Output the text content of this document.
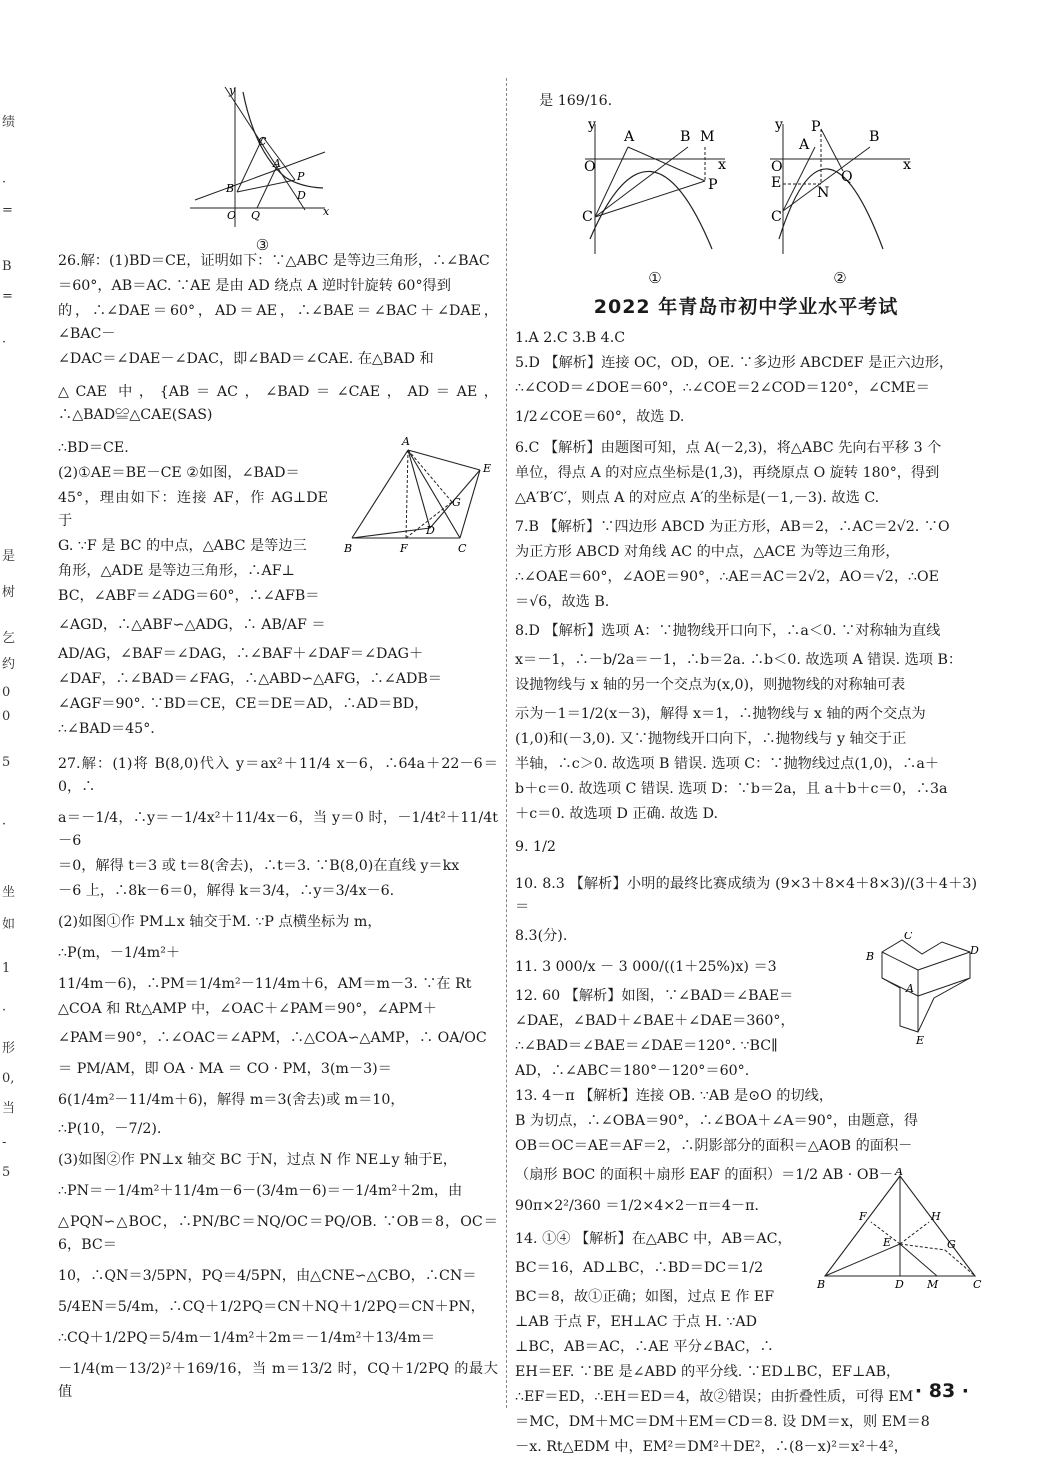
绩
·
=
B
=
·
是
树
乞
约
0
0
5
·
坐
如
1
·
形
0,
当
-
5
y
C
A
P
B
D
O Q	x
③

26.解：(1)BD＝CE，证明如下：∵△ABC 是等边三角形，∴∠BAC

＝60°，AB＝AC. ∵AE 是由 AD 绕点 A 逆时针旋转 60°得到

的，∴∠DAE＝60°，AD＝AE，∴∠BAE＝∠BAC＋∠DAE，∠BAC－

∠DAC＝∠DAE－∠DAC，即∠BAD＝∠CAE. 在△BAD 和

△CAE 中，{AB＝AC，∠BAD＝∠CAE，AD＝AE，∴△BAD≌△CAE(SAS)

∴BD＝CE.

(2)①AE＝BE－CE ②如图，∠BAD＝

45°，理由如下：连接 AF，作 AG⊥DE 于

G. ∵F 是 BC 的中点，△ABC 是等边三

角形，△ADE 是等边三角形，∴AF⊥

BC，∠ABF＝∠ADG＝60°，∴∠AFB＝

∠AGD，∴△ABF∽△ADG，∴ AB/AF ＝

AD/AG，∠BAF＝∠DAG，∴∠BAF＋∠DAF＝∠DAG＋

∠DAF，∴∠BAD＝∠FAG，∴△ABD∽△AFG，∴∠ADB＝

∠AGF＝90°. ∵BD＝CE，CE＝DE＝AD，∴AD＝BD，

∴∠BAD＝45°.

27.解：(1)将 B(8,0)代入 y＝ax²＋11/4 x－6，∴64a＋22－6＝0，∴

a＝－1/4，∴y＝－1/4x²＋11/4x－6，当 y＝0 时，－1/4t²＋11/4t－6

＝0，解得 t＝3 或 t＝8(舍去)，∴t＝3. ∵B(8,0)在直线 y＝kx

－6 上，∴8k－6＝0，解得 k＝3/4，∴y＝3/4x－6.

(2)如图①作 PM⊥x 轴交于M. ∵P 点横坐标为 m，

∴P(m，－1/4m²＋

11/4m－6)，∴PM＝1/4m²－11/4m＋6，AM＝m－3. ∵在 Rt

△COA 和 Rt△AMP 中，∠OAC＋∠PAM＝90°，∠APM＋

∠PAM＝90°，∴∠OAC＝∠APM，∴△COA∽△AMP，∴ OA/OC

＝ PM/AM，即 OA · MA ＝ CO · PM，3(m－3)＝

6(1/4m²－11/4m＋6)，解得 m＝3(舍去)或 m＝10，

∴P(10，－7/2).

(3)如图②作 PN⊥x 轴交 BC 于N，过点 N 作 NE⊥y 轴于E，

∴PN＝－1/4m²＋11/4m－6－(3/4m－6)＝－1/4m²＋2m，由

△PQN∽△BOC，∴PN/BC＝NQ/OC＝PQ/OB. ∵OB＝8，OC＝6，BC＝

10，∴QN＝3/5PN，PQ＝4/5PN，由△CNE∽△CBO，∴CN＝

5/4EN＝5/4m，∴CQ＋1/2PQ＝CN＋NQ＋1/2PQ＝CN＋PN，

∴CQ＋1/2PQ＝5/4m－1/4m²＋2m＝－1/4m²＋13/4m＝

－1/4(m－13/2)²＋169/16，当 m＝13/2 时，CQ＋1/2PQ 的最大值

A
E
G
B	F
D
C

是 169/16.

y
A	B M
O	x
P
C
①
y P
B
A
O	x
E
N
Q
C
②
2022 年青岛市初中学业水平考试

1.A 2.C 3.B 4.C

5.D 【解析】连接 OC，OD，OE. ∵多边形 ABCDEF 是正六边形，

∴∠COD＝∠DOE＝60°，∴∠COE＝2∠COD＝120°，∠CME＝

1/2∠COE＝60°，故选 D.

6.C 【解析】由题图可知，点 A(－2,3)，将△ABC 先向右平移 3 个

单位，得点 A 的对应点坐标是(1,3)，再绕原点 O 旋转 180°，得到

△A′B′C′，则点 A 的对应点 A′的坐标是(－1,－3). 故选 C.

7.B 【解析】∵四边形 ABCD 为正方形，AB＝2，∴AC＝2√2. ∵O

为正方形 ABCD 对角线 AC 的中点，△ACE 为等边三角形，

∴∠OAE＝60°，∠AOE＝90°，∴AE＝AC＝2√2，AO＝√2，∴OE

＝√6，故选 B.

8.D 【解析】选项 A：∵抛物线开口向下，∴a＜0. ∵对称轴为直线

x＝－1，∴－b/2a＝－1，∴b＝2a. ∴b＜0. 故选项 A 错误. 选项 B：

设抛物线与 x 轴的另一个交点为(x,0)，则抛物线的对称轴可表

示为－1＝1/2(x－3)，解得 x＝1，∴抛物线与 x 轴的两个交点为

(1,0)和(－3,0). 又∵抛物线开口向下，∴抛物线与 y 轴交于正

半轴，∴c＞0. 故选项 B 错误. 选项 C：∵抛物线过点(1,0)，∴a＋

b＋c＝0. 故选项 C 错误. 选项 D：∵b＝2a，且 a＋b＋c＝0，∴3a

＋c＝0. 故选项 D 正确. 故选 D.

9. 1/2

10. 8.3 【解析】小明的最终比赛成绩为 (9×3＋8×4＋8×3)/(3＋4＋3) ＝

8.3(分).

11. 3 000/x － 3 000/((1＋25%)x) ＝3

12. 60 【解析】如图，∵∠BAD＝∠BAE＝

∠DAE，∠BAD＋∠BAE＋∠DAE＝360°，

∴∠BAD＝∠BAE＝∠DAE＝120°. ∵BC∥

AD，∴∠ABC＝180°－120°＝60°.

13. 4－π 【解析】连接 OB. ∵AB 是⊙O 的切线，

B 为切点，∴∠OBA＝90°，∴∠BOA＋∠A＝90°，由题意，得

OB＝OC＝AE＝AF＝2，∴阴影部分的面积＝△AOB 的面积－

（扇形 BOC 的面积＋扇形 EAF 的面积）＝1/2 AB · OB－

90π×2²/360 ＝1/2×4×2－π＝4－π.

14. ①④ 【解析】在△ABC 中，AB＝AC，

BC＝16，AD⊥BC，∴BD＝DC＝1/2

BC＝8，故①正确；如图，过点 E 作 EF

⊥AB 于点 F，EH⊥AC 于点 H. ∵AD

⊥BC，AB＝AC，∴AE 平分∠BAC，∴

EH＝EF. ∵BE 是∠ABD 的平分线. ∵ED⊥BC，EF⊥AB，

∴EF＝ED，∴EH＝ED＝4，故②错误；由折叠性质，可得 EM

＝MC，DM＋MC＝DM＋EM＝CD＝8. 设 DM＝x，则 EM＝8

－x. Rt△EDM 中，EM²＝DM²＋DE²，∴(8－x)²＝x²＋4²，

C
B	D
A
E
A
F	H
E	G
B	D M	C
· 83 ·
